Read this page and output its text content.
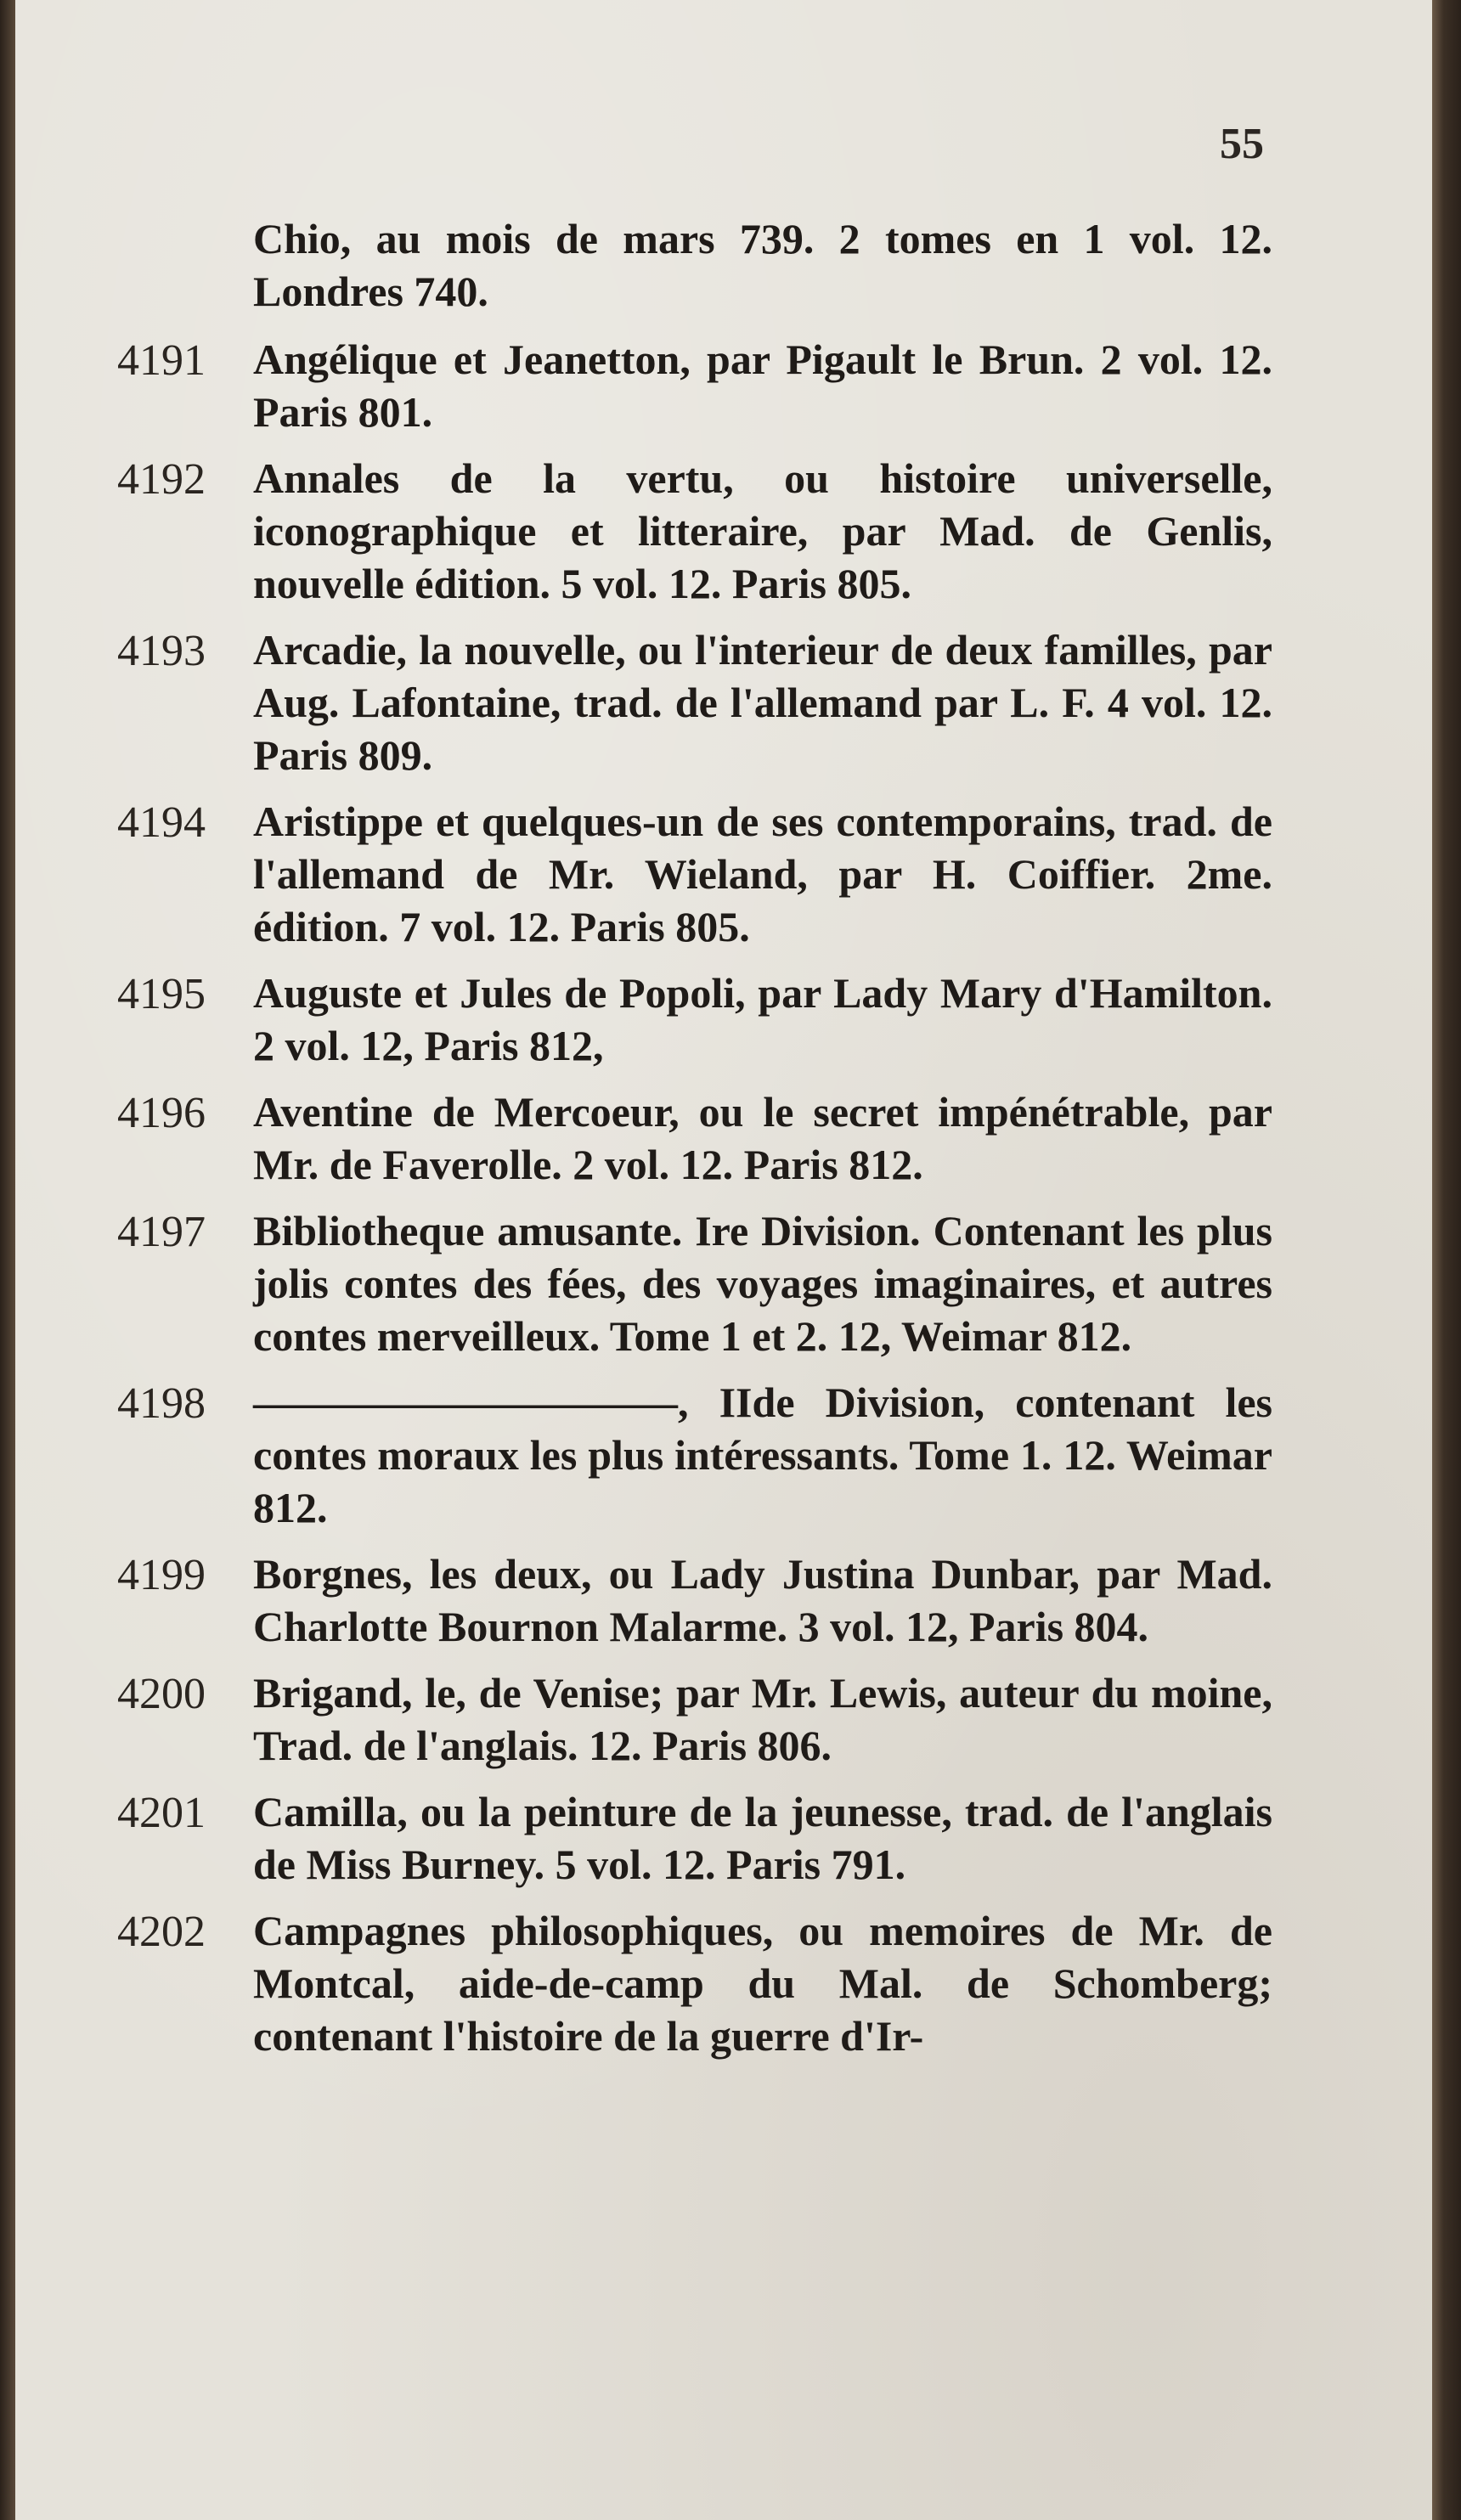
55
Chio, au mois de mars 739. 2 tomes en 1 vol. 12. Londres 740.
4191	Angélique et Jeanetton, par Pigault le Brun. 2 vol. 12. Paris 801.
4192	Annales de la vertu, ou histoire universelle, iconographique et litteraire, par Mad. de Genlis, nouvelle édition. 5 vol. 12. Paris 805.
4193	Arcadie, la nouvelle, ou l'interieur de deux familles, par Aug. Lafontaine, trad. de l'allemand par L. F. 4 vol. 12. Paris 809.
4194	Aristippe et quelques-un de ses contemporains, trad. de l'allemand de Mr. Wieland, par H. Coiffier. 2me. édition. 7 vol. 12. Paris 805.
4195	Auguste et Jules de Popoli, par Lady Mary d'Hamilton. 2 vol. 12, Paris 812,
4196	Aventine de Mercoeur, ou le secret impénétrable, par Mr. de Faverolle. 2 vol. 12. Paris 812.
4197	Bibliotheque amusante. Ire Division. Contenant les plus jolis contes des fées, des voyages imaginaires, et autres contes merveilleux. Tome 1 et 2. 12, Weimar 812.
4198	——————————, IIde Division, contenant les contes moraux les plus intéressants. Tome 1. 12. Weimar 812.
4199	Borgnes, les deux, ou Lady Justina Dunbar, par Mad. Charlotte Bournon Malarme. 3 vol. 12, Paris 804.
4200	Brigand, le, de Venise; par Mr. Lewis, auteur du moine, Trad. de l'anglais. 12. Paris 806.
4201	Camilla, ou la peinture de la jeunesse, trad. de l'anglais de Miss Burney. 5 vol. 12. Paris 791.
4202	Campagnes philosophiques, ou memoires de Mr. de Montcal, aide-de-camp du Mal. de Schomberg; contenant l'histoire de la guerre d'Ir-
